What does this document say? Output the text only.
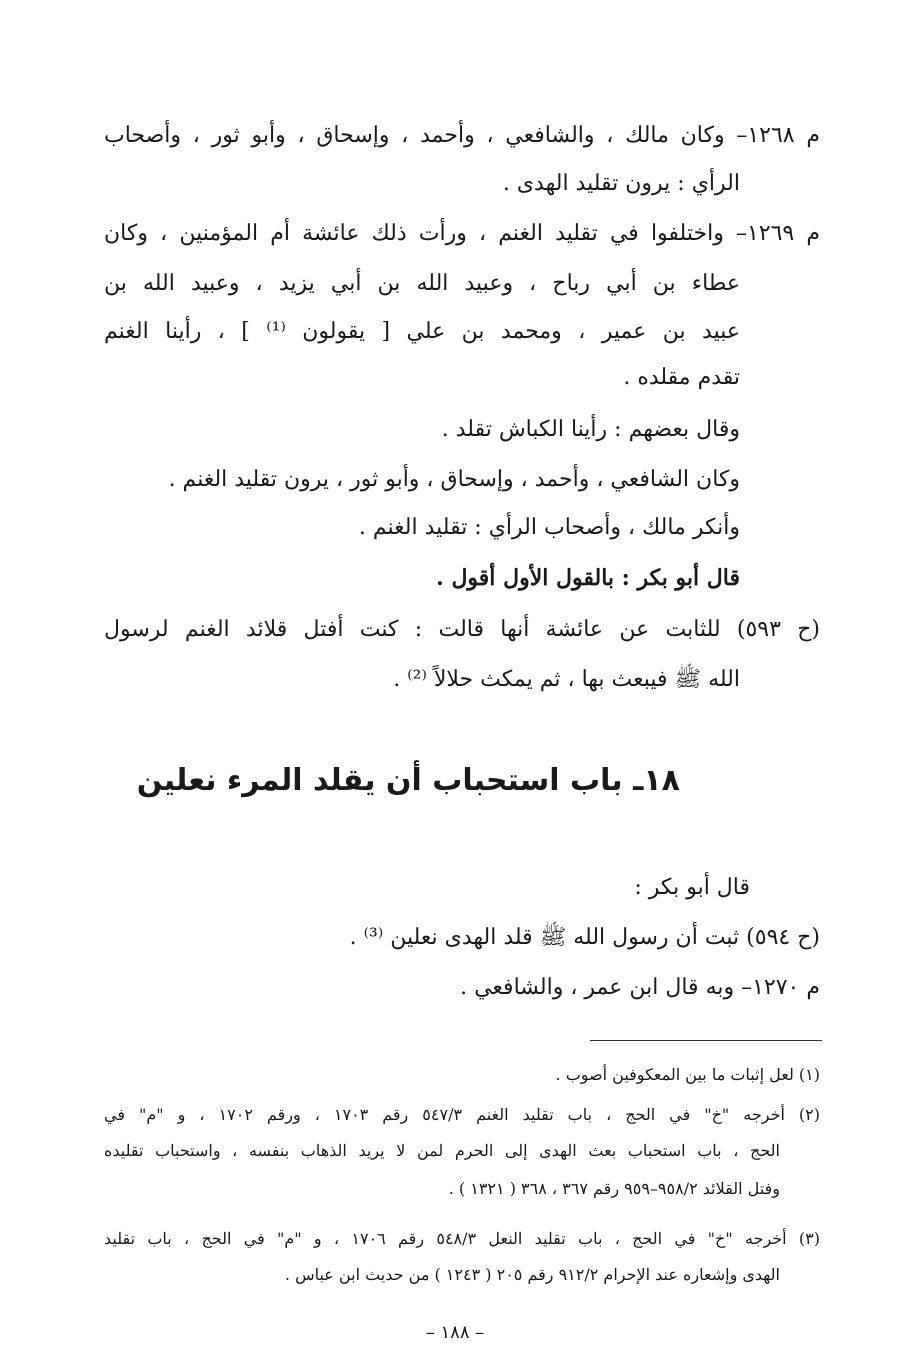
م ١٢٦٨– وكان مالك ، والشافعي ، وأحمد ، وإسحاق ، وأبو ثور ، وأصحاب
الرأي : يرون تقليد الهدى .
م ١٢٦٩– واختلفوا في تقليد الغنم ، ورأت ذلك عائشة أم المؤمنين ، وكان
عطاء بن أبي رباح ، وعبيد الله بن أبي يزيد ، وعبيد الله بن
عبيد بن عمير ، ومحمد بن علي [ يقولون ⁽¹⁾ ] ، رأينا الغنم
تقدم مقلده .
وقال بعضهم : رأينا الكباش تقلد .
وكان الشافعي ، وأحمد ، وإسحاق ، وأبو ثور ، يرون تقليد الغنم .
وأنكر مالك ، وأصحاب الرأي : تقليد الغنم .
قال أبو بكر : بالقول الأول أقول .
(ح ٥٩٣) للثابت عن عائشة أنها قالت : كنت أفتل قلائد الغنم لرسول
الله ﷺ فيبعث بها ، ثم يمكث حلالاً ⁽²⁾ .
١٨ـ باب استحباب أن يقلد المرء نعلين
قال أبو بكر :
(ح ٥٩٤) ثبت أن رسول الله ﷺ قلد الهدى نعلين ⁽³⁾ .
م ١٢٧٠– وبه قال ابن عمر ، والشافعي .
(١) لعل إثبات ما بين المعكوفين أصوب .
(٢) أخرجه "خ" في الحج ، باب تقليد الغنم ٥٤٧/٣ رقم ١٧٠٣ ، ورقم ١٧٠٢ ، و "م" في
الحج ، باب استحباب بعث الهدى إلى الحرم لمن لا يريد الذهاب بنفسه ، واستحباب تقليده
وفتل القلائد ٩٥٨/٢–٩٥٩ رقم ٣٦٧ ، ٣٦٨ ( ١٣٢١ ) .
(٣) أخرجه "خ" في الحج ، باب تقليد النعل ٥٤٨/٣ رقم ١٧٠٦ ، و "م" في الحج ، باب تقليد
الهدى وإشعاره عند الإحرام ٩١٢/٢ رقم ٢٠٥ ( ١٢٤٣ ) من حديث ابن عباس .
– ١٨٨ –
